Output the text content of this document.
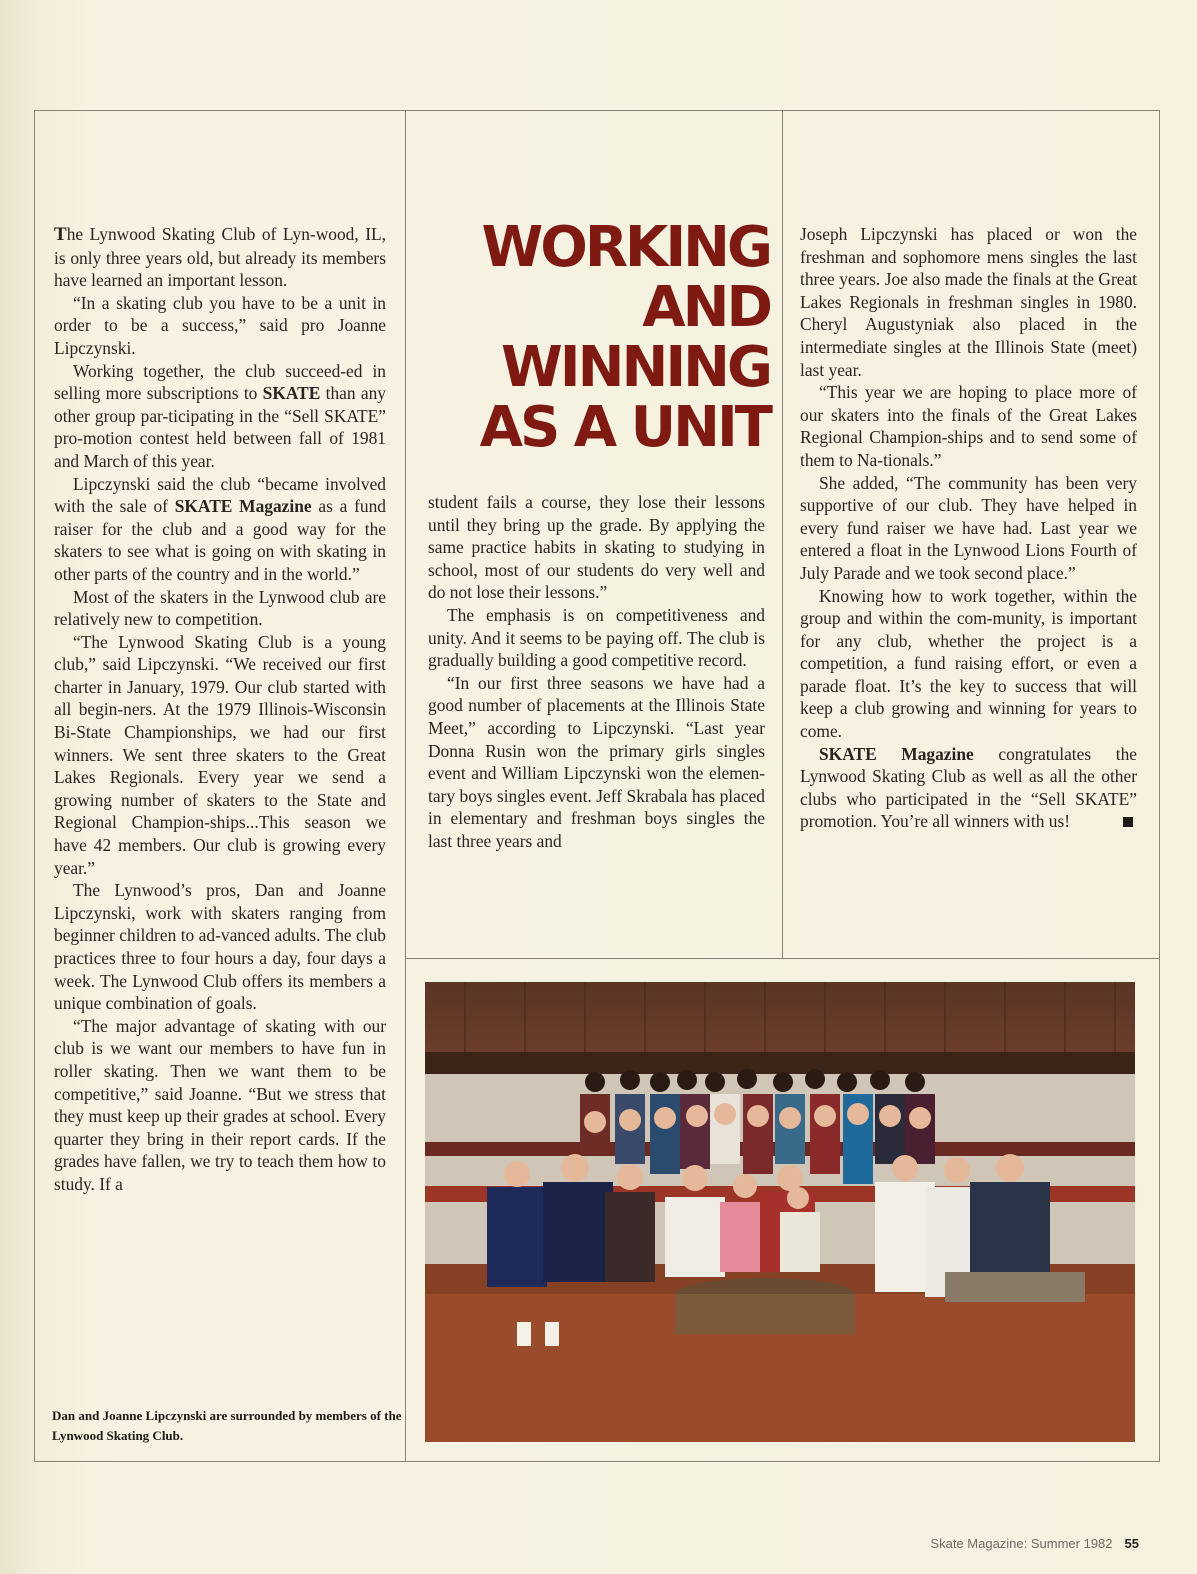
The Lynwood Skating Club of Lyn-wood, IL, is only three years old, but already its members have learned an important lesson.

“In a skating club you have to be a unit in order to be a success,” said pro Joanne Lipczynski.

Working together, the club succeed-ed in selling more subscriptions to SKATE than any other group par-ticipating in the “Sell SKATE” pro-motion contest held between fall of 1981 and March of this year.

Lipczynski said the club “became involved with the sale of SKATE Magazine as a fund raiser for the club and a good way for the skaters to see what is going on with skating in other parts of the country and in the world.”

Most of the skaters in the Lynwood club are relatively new to competition.

“The Lynwood Skating Club is a young club,” said Lipczynski. “We received our first charter in January, 1979. Our club started with all begin-ners. At the 1979 Illinois-Wisconsin Bi-State Championships, we had our first winners. We sent three skaters to the Great Lakes Regionals. Every year we send a growing number of skaters to the State and Regional Champion-ships...This season we have 42 members. Our club is growing every year.”

The Lynwood’s pros, Dan and Joanne Lipczynski, work with skaters ranging from beginner children to ad-vanced adults. The club practices three to four hours a day, four days a week. The Lynwood Club offers its members a unique combination of goals.

“The major advantage of skating with our club is we want our members to have fun in roller skating. Then we want them to be competitive,” said Joanne. “But we stress that they must keep up their grades at school. Every quarter they bring in their report cards. If the grades have fallen, we try to teach them how to study. If a

WORKING
AND
WINNING
AS A UNIT

student fails a course, they lose their lessons until they bring up the grade. By applying the same practice habits in skating to studying in school, most of our students do very well and do not lose their lessons.”

The emphasis is on competitiveness and unity. And it seems to be paying off. The club is gradually building a good competitive record.

“In our first three seasons we have had a good number of placements at the Illinois State Meet,” according to Lipczynski. “Last year Donna Rusin won the primary girls singles event and William Lipczynski won the elemen-tary boys singles event. Jeff Skrabala has placed in elementary and freshman boys singles the last three years and

Joseph Lipczynski has placed or won the freshman and sophomore mens singles the last three years. Joe also made the finals at the Great Lakes Regionals in freshman singles in 1980. Cheryl Augustyniak also placed in the intermediate singles at the Illinois State (meet) last year.

“This year we are hoping to place more of our skaters into the finals of the Great Lakes Regional Champion-ships and to send some of them to Na-tionals.”

She added, “The community has been very supportive of our club. They have helped in every fund raiser we have had. Last year we entered a float in the Lynwood Lions Fourth of July Parade and we took second place.”

Knowing how to work together, within the group and within the com-munity, is important for any club, whether the project is a competition, a fund raising effort, or even a parade float. It’s the key to success that will keep a club growing and winning for years to come.

SKATE Magazine congratulates the Lynwood Skating Club as well as all the other clubs who participated in the “Sell SKATE” promotion. You’re all winners with us!

Dan and Joanne Lipczynski are surrounded by members of the Lynwood Skating Club.
Skate Magazine: Summer 1982 55
